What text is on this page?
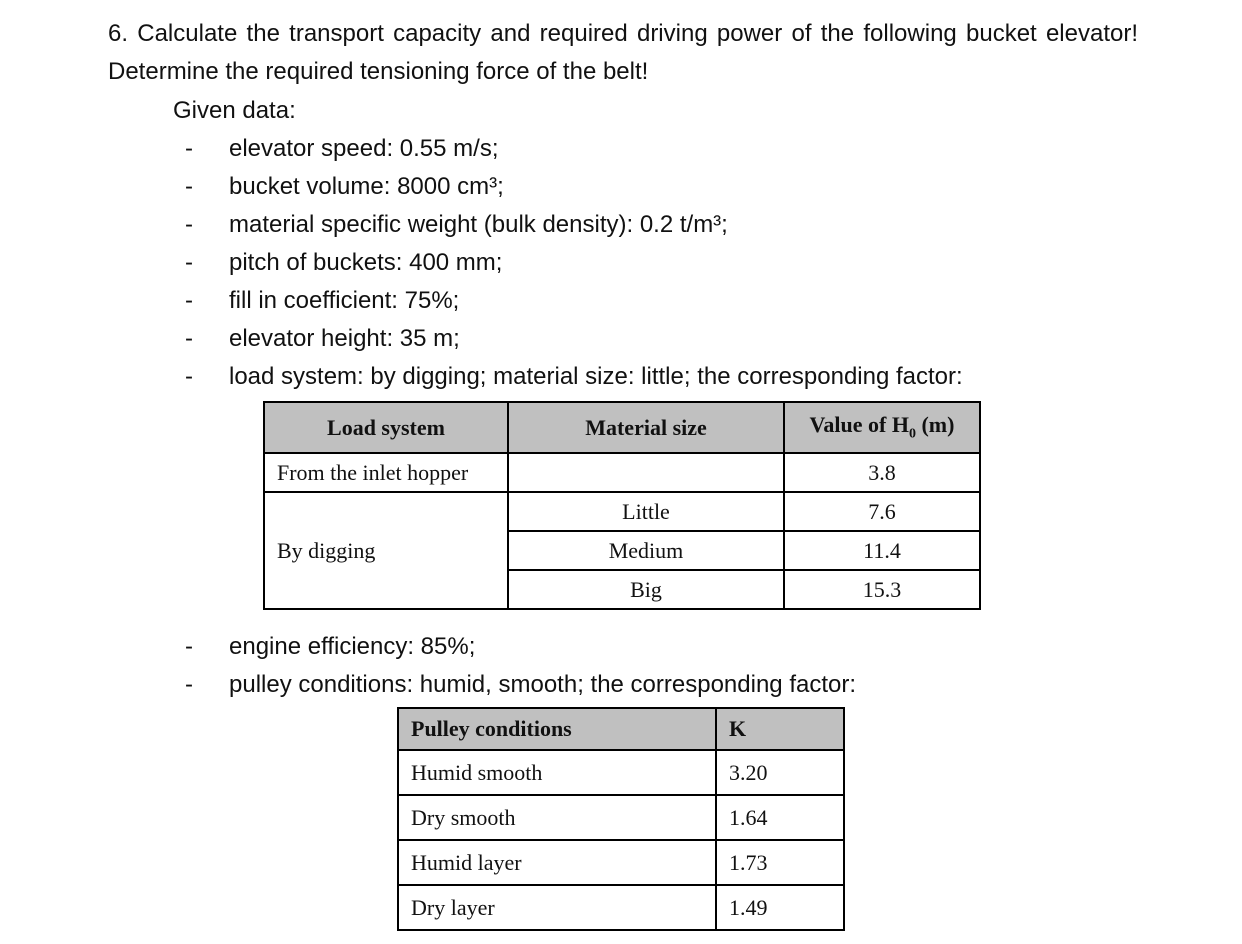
6. Calculate the transport capacity and required driving power of the following bucket elevator! Determine the required tensioning force of the belt!
Given data:
- elevator speed: 0.55 m/s;
- bucket volume: 8000 cm³;
- material specific weight (bulk density): 0.2 t/m³;
- pitch of buckets: 400 mm;
- fill in coefficient: 75%;
- elevator height: 35 m;
- load system: by digging; material size: little; the corresponding factor:
Load system	Material size	Value of $H_0$ (m)
From the inlet hopper		3.8
By digging	Little	7.6
	Medium	11.4
	Big	15.3
- engine efficiency: 85%;
- pulley conditions: humid, smooth; the corresponding factor:
Pulley conditions	K
Humid smooth	3.20
Dry smooth	1.64
Humid layer	1.73
Dry layer	1.49
